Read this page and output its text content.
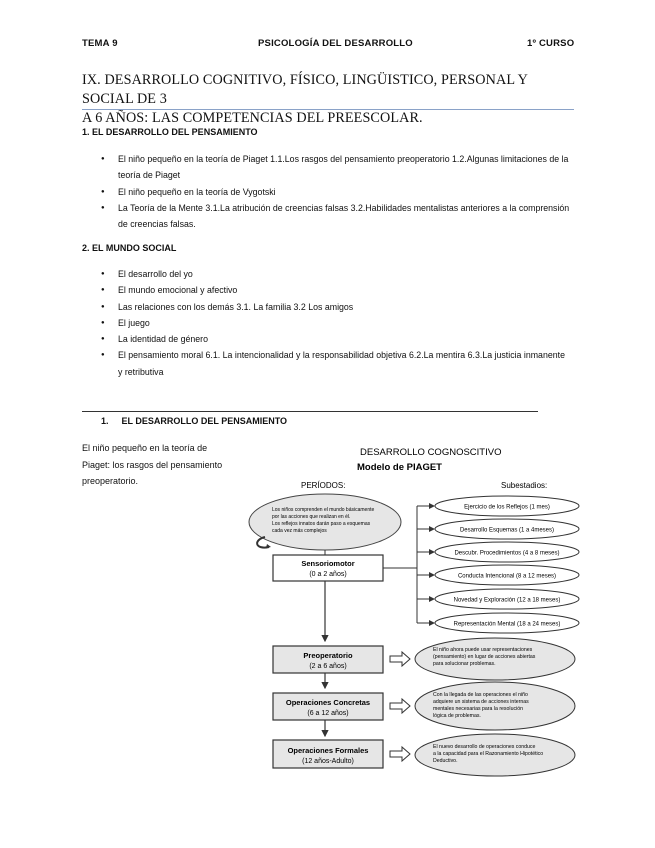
TEMA 9	PSICOLOGÍA DEL DESARROLLO	1º CURSO
IX. DESARROLLO COGNITIVO, FÍSICO, LINGÜISTICO, PERSONAL Y SOCIAL DE 3
A 6 AÑOS: LAS COMPETENCIAS DEL PREESCOLAR.
1. EL DESARROLLO DEL PENSAMIENTO
● El niño pequeño en la teoría de Piaget 1.1.Los rasgos del pensamiento preoperatorio 1.2.Algunas limitaciones de la teoría de Piaget
● El niño pequeño en la teoría de Vygotski
● La Teoría de la Mente 3.1.La atribución de creencias falsas 3.2.Habilidades mentalistas anteriores a la comprensión de creencias falsas.
2. EL MUNDO SOCIAL
● El desarrollo del yo
● El mundo emocional y afectivo
● Las relaciones con los demás 3.1. La familia 3.2 Los amigos
● El juego
● La identidad de género
● El pensamiento moral 6.1. La intencionalidad y la responsabilidad objetiva 6.2.La mentira 6.3.La justicia inmanente y retributiva
1. EL DESARROLLO DEL PENSAMIENTO
El niño pequeño en la teoría de Piaget: los rasgos del pensamiento preoperatorio.
DESARROLLO COGNOSCITIVO
Modelo de PIAGET
PERÍODOS:	Subestadios:
Los niños comprenden el mundo básicamente por las acciones que realizan en él. Los reflejos innatos darán paso a esquemas cada vez más complejos
Sensoriomotor
(0 a 2 años)
Preoperatorio
(2 a 6 años)
Operaciones Concretas
(6 a 12 años)
Operaciones Formales
(12 años-Adulto)
Ejercicio de los Reflejos (1 mes)
Desarrollo Esquemas (1 a 4meses)
Descubr. Procedimientos (4 a 8 meses)
Conducta Intencional (8 a 12 meses)
Novedad y Exploración (12 a 18 meses)
Representación Mental (18 a 24 meses)
El niño ahora puede usar representaciones (pensamiento) en lugar de acciones abiertas para solucionar problemas.
Con la llegada de las operaciones el niño adquiere un sistema de acciones internas mentales necesarias para la resolución lógica de problemas.
El nuevo desarrollo de operaciones conduce a la capacidad para el Razonamiento Hipotético Deductivo.
